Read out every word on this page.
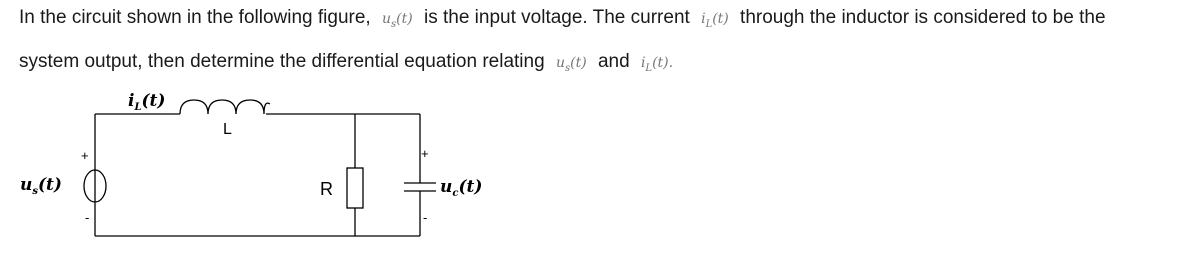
In the circuit shown in the following figure, $u_s(t)$ is the input voltage. The current $i_L(t)$ through the inductor is considered to be the
system output, then determine the differential equation relating $u_s(t)$ and $i_L(t)$.
$i_L(t)$
L
R
$u_s(t)$
+
-
+
-
$u_c(t)$
